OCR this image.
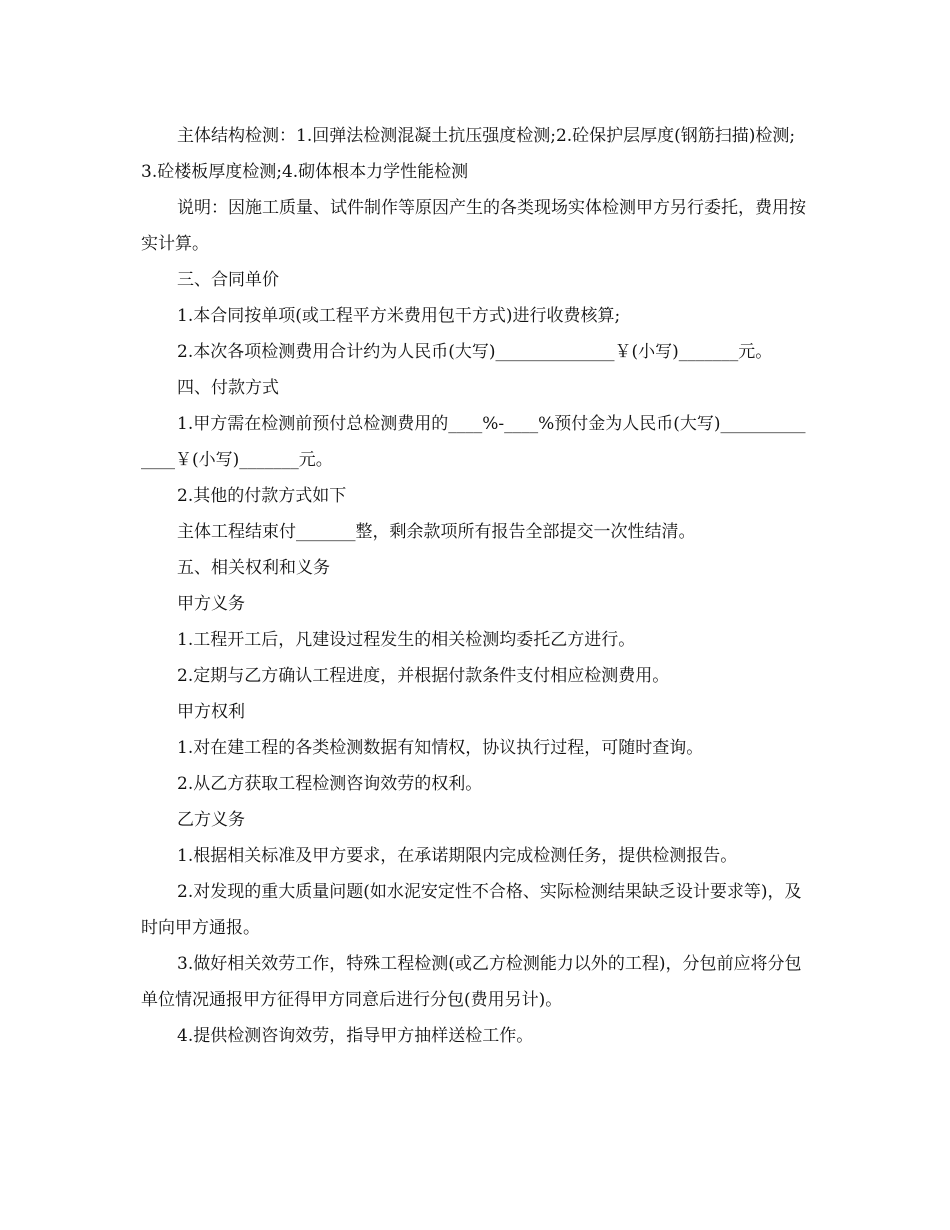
主体结构检测：1.回弹法检测混凝土抗压强度检测;2.砼保护层厚度(钢筋扫描)检测;3.砼楼板厚度检测;4.砌体根本力学性能检测

说明：因施工质量、试件制作等原因产生的各类现场实体检测甲方另行委托，费用按实计算。

三、合同单价

1.本合同按单项(或工程平方米费用包干方式)进行收费核算;

2.本次各项检测费用合计约为人民币(大写)______________￥(小写)_______元。

四、付款方式

1.甲方需在检测前预付总检测费用的____%-____%预付金为人民币(大写)______________￥(小写)_______元。

2.其他的付款方式如下

主体工程结束付_______整，剩余款项所有报告全部提交一次性结清。

五、相关权利和义务

甲方义务

1.工程开工后，凡建设过程发生的相关检测均委托乙方进行。

2.定期与乙方确认工程进度，并根据付款条件支付相应检测费用。

甲方权利

1.对在建工程的各类检测数据有知情权，协议执行过程，可随时查询。

2.从乙方获取工程检测咨询效劳的权利。

乙方义务

1.根据相关标准及甲方要求，在承诺期限内完成检测任务，提供检测报告。

2.对发现的重大质量问题(如水泥安定性不合格、实际检测结果缺乏设计要求等)，及时向甲方通报。

3.做好相关效劳工作，特殊工程检测(或乙方检测能力以外的工程)，分包前应将分包单位情况通报甲方征得甲方同意后进行分包(费用另计)。

4.提供检测咨询效劳，指导甲方抽样送检工作。
